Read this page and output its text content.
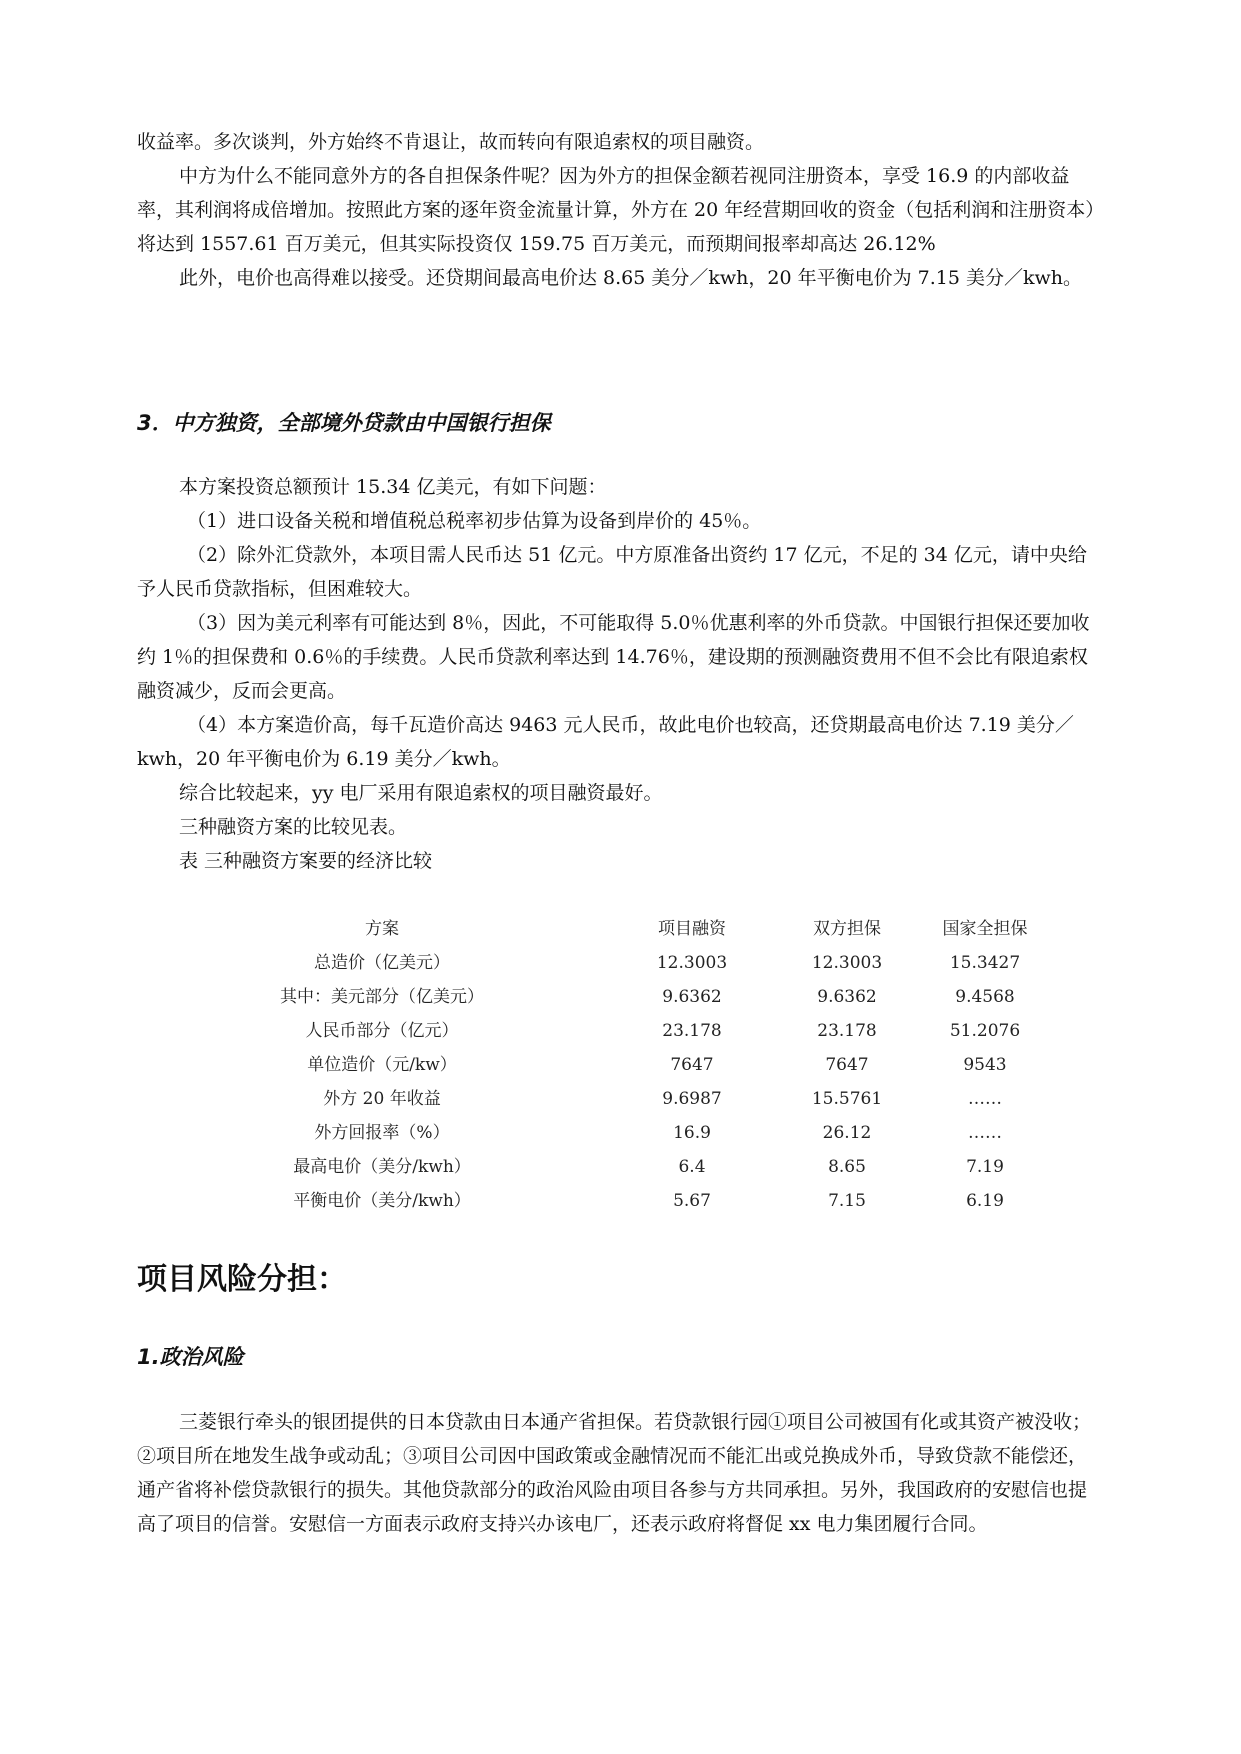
收益率。多次谈判，外方始终不肯退让，故而转向有限追索权的项目融资。

中方为什么不能同意外方的各自担保条件呢？因为外方的担保金额若视同注册资本，享受 16.9 的内部收益率，其利润将成倍增加。按照此方案的逐年资金流量计算，外方在 20 年经营期回收的资金（包括利润和注册资本）将达到 1557.61 百万美元，但其实际投资仅 159.75 百万美元，而预期间报率却高达 26.12%

此外，电价也高得难以接受。还贷期间最高电价达 8.65 美分／kwh，20 年平衡电价为 7.15 美分／kwh。

3．中方独资，全部境外贷款由中国银行担保

本方案投资总额预计 15.34 亿美元，有如下问题：

（1）进口设备关税和增值税总税率初步估算为设备到岸价的 45％。

（2）除外汇贷款外，本项目需人民币达 51 亿元。中方原准备出资约 17 亿元，不足的 34 亿元，请中央给予人民币贷款指标，但困难较大。

（3）因为美元利率有可能达到 8％，因此，不可能取得 5.0％优惠利率的外币贷款。中国银行担保还要加收约 1％的担保费和 0.6％的手续费。人民币贷款利率达到 14.76％，建设期的预测融资费用不但不会比有限追索权融资减少，反而会更高。

（4）本方案造价高，每千瓦造价高达 9463 元人民币，故此电价也较高，还贷期最高电价达 7.19 美分／kwh，20 年平衡电价为 6.19 美分／kwh。

综合比较起来，yy 电厂采用有限追索权的项目融资最好。

三种融资方案的比较见表。

表 三种融资方案要的经济比较

方案	项目融资	双方担保	国家全担保
总造价（亿美元）	12.3003	12.3003	15.3427
其中：美元部分（亿美元）	9.6362	9.6362	9.4568
人民币部分（亿元）	23.178	23.178	51.2076
单位造价（元/kw）	7647	7647	9543
外方 20 年收益	9.6987	15.5761	……
外方回报率（%）	16.9	26.12	……
最高电价（美分/kwh）	6.4	8.65	7.19
平衡电价（美分/kwh）	5.67	7.15	6.19
项目风险分担：
1.政治风险

三菱银行牵头的银团提供的日本贷款由日本通产省担保。若贷款银行园①项目公司被国有化或其资产被没收；②项目所在地发生战争或动乱；③项目公司因中国政策或金融情况而不能汇出或兑换成外币，导致贷款不能偿还，通产省将补偿贷款银行的损失。其他贷款部分的政治风险由项目各参与方共同承担。另外，我国政府的安慰信也提高了项目的信誉。安慰信一方面表示政府支持兴办该电厂，还表示政府将督促 xx 电力集团履行合同。
